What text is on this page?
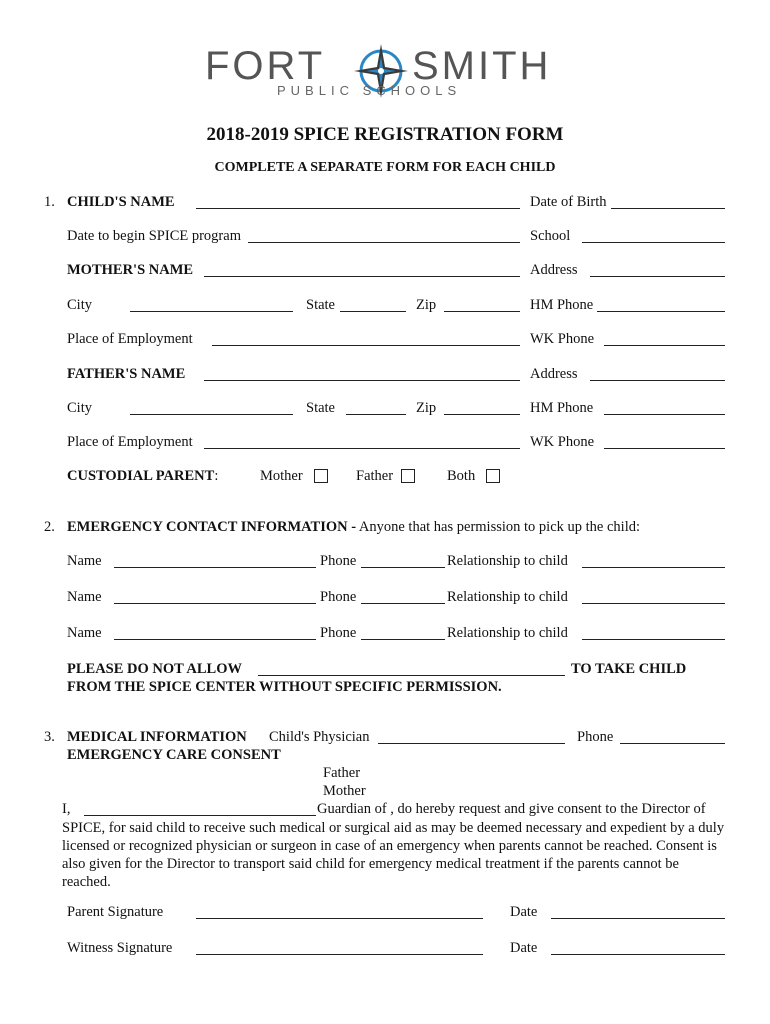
FORT SMITH
PUBLIC SCHOOLS
2018-2019 SPICE REGISTRATION FORM
COMPLETE A SEPARATE FORM FOR EACH CHILD
1. CHILD'S NAME	Date of Birth
Date to begin SPICE program	School
MOTHER'S NAME	Address
City	State	Zip	HM Phone
Place of Employment	WK Phone
FATHER'S NAME	Address
City	State	Zip	HM Phone
Place of Employment	WK Phone
CUSTODIAL PARENT:	Mother	Father	Both
2. EMERGENCY CONTACT INFORMATION - Anyone that has permission to pick up the child:
Name	Phone	Relationship to child
Name	Phone	Relationship to child
Name	Phone	Relationship to child
PLEASE DO NOT ALLOW	TO TAKE CHILD
FROM THE SPICE CENTER WITHOUT SPECIFIC PERMISSION.
3. MEDICAL INFORMATION Child's Physician	Phone
EMERGENCY CARE CONSENT
Father
Mother
I,	Guardian of , do hereby request and give consent to the Director of
SPICE, for said child to receive such medical or surgical aid as may be deemed necessary and expedient by a duly licensed or recognized physician or surgeon in case of an emergency when parents cannot be reached. Consent is also given for the Director to transport said child for emergency medical treatment if the parents cannot be reached.
Parent Signature	Date
Witness Signature	Date
